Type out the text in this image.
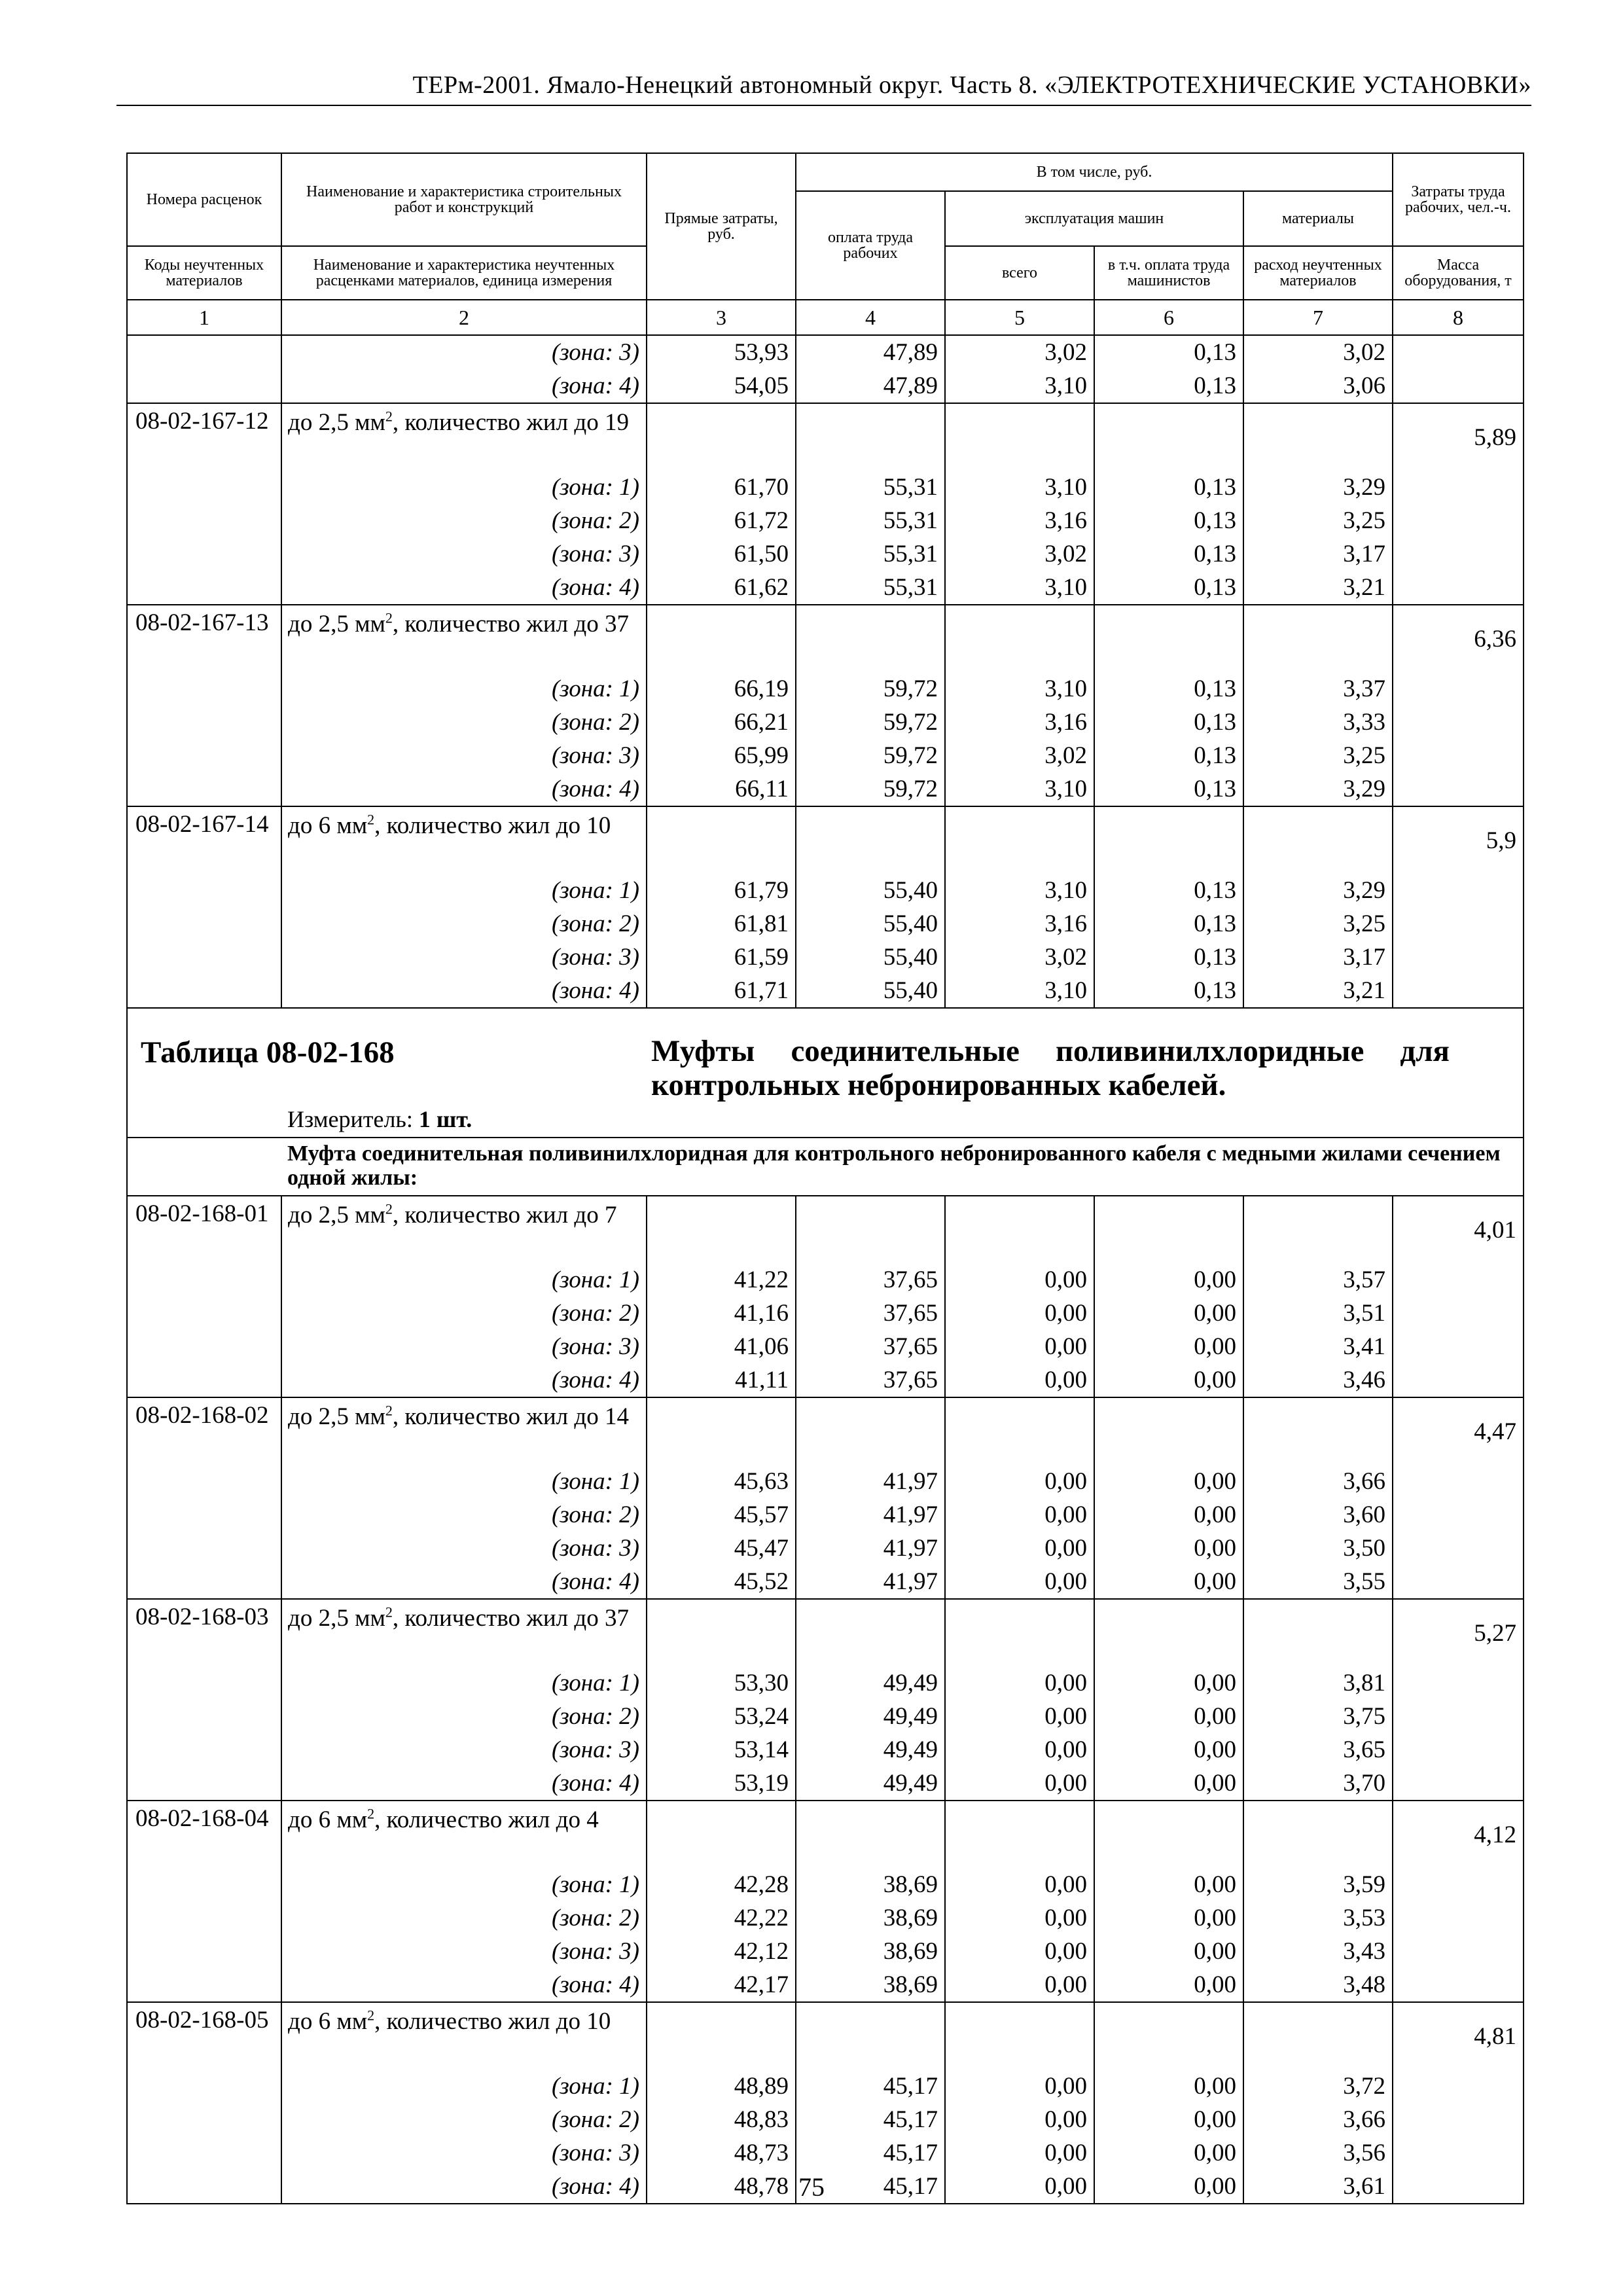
ТЕРм-2001. Ямало-Ненецкий автономный округ. Часть 8. «ЭЛЕКТРОТЕХНИЧЕСКИЕ УСТАНОВКИ»
Номера расценок	Наименование и характеристика строительных работ и конструкций	Прямые затраты, руб.	В том числе, руб.				Затраты труда рабочих, чел.-ч.
			оплата труда рабочих	эксплуатация машин		материалы	
Коды неучтенных материалов	Наименование и характеристика неучтенных расценками материалов, единица измерения			всего	в т.ч. оплата труда машинистов	расход неучтенных материалов	Масса оборудования, т
1	2	3	4	5	6	7	8
	(зона: 3)	53,93	47,89	3,02	0,13	3,02	
	(зона: 4)	54,05	47,89	3,10	0,13	3,06	
08-02-167-12	до 2,5 $мм^2$, количество жил до 19						5,89
	(зона: 1)	61,70	55,31	3,10	0,13	3,29	
	(зона: 2)	61,72	55,31	3,16	0,13	3,25	
	(зона: 3)	61,50	55,31	3,02	0,13	3,17	
	(зона: 4)	61,62	55,31	3,10	0,13	3,21	
08-02-167-13	до 2,5 $мм^2$, количество жил до 37						6,36
	(зона: 1)	66,19	59,72	3,10	0,13	3,37	
	(зона: 2)	66,21	59,72	3,16	0,13	3,33	
	(зона: 3)	65,99	59,72	3,02	0,13	3,25	
	(зона: 4)	66,11	59,72	3,10	0,13	3,29	
08-02-167-14	до 6 $мм^2$, количество жил до 10						5,9
	(зона: 1)	61,79	55,40	3,10	0,13	3,29	
	(зона: 2)	61,81	55,40	3,16	0,13	3,25	
	(зона: 3)	61,59	55,40	3,02	0,13	3,17	
	(зона: 4)	61,71	55,40	3,10	0,13	3,21	

Таблица 08-02-168 Муфты соединительные поливинилхлоридные для контрольных небронированных кабелей.
Измеритель: 1 шт.							

Муфта соединительная поливинилхлоридная для контрольного небронированного кабеля с медными жилами сечением одной жилы:							

08-02-168-01	до 2,5 $мм^2$, количество жил до 7						4,01
	(зона: 1)	41,22	37,65	0,00	0,00	3,57	
	(зона: 2)	41,16	37,65	0,00	0,00	3,51	
	(зона: 3)	41,06	37,65	0,00	0,00	3,41	
	(зона: 4)	41,11	37,65	0,00	0,00	3,46	
08-02-168-02	до 2,5 $мм^2$, количество жил до 14						4,47
	(зона: 1)	45,63	41,97	0,00	0,00	3,66	
	(зона: 2)	45,57	41,97	0,00	0,00	3,60	
	(зона: 3)	45,47	41,97	0,00	0,00	3,50	
	(зона: 4)	45,52	41,97	0,00	0,00	3,55	
08-02-168-03	до 2,5 $мм^2$, количество жил до 37						5,27
	(зона: 1)	53,30	49,49	0,00	0,00	3,81	
	(зона: 2)	53,24	49,49	0,00	0,00	3,75	
	(зона: 3)	53,14	49,49	0,00	0,00	3,65	
	(зона: 4)	53,19	49,49	0,00	0,00	3,70	
08-02-168-04	до 6 $мм^2$, количество жил до 4						4,12
	(зона: 1)	42,28	38,69	0,00	0,00	3,59	
	(зона: 2)	42,22	38,69	0,00	0,00	3,53	
	(зона: 3)	42,12	38,69	0,00	0,00	3,43	
	(зона: 4)	42,17	38,69	0,00	0,00	3,48	
08-02-168-05	до 6 $мм^2$, количество жил до 10						4,81
	(зона: 1)	48,89	45,17	0,00	0,00	3,72	
	(зона: 2)	48,83	45,17	0,00	0,00	3,66	
	(зона: 3)	48,73	45,17	0,00	0,00	3,56	
	(зона: 4)	48,78	45,17	0,00	0,00	3,61	
75
